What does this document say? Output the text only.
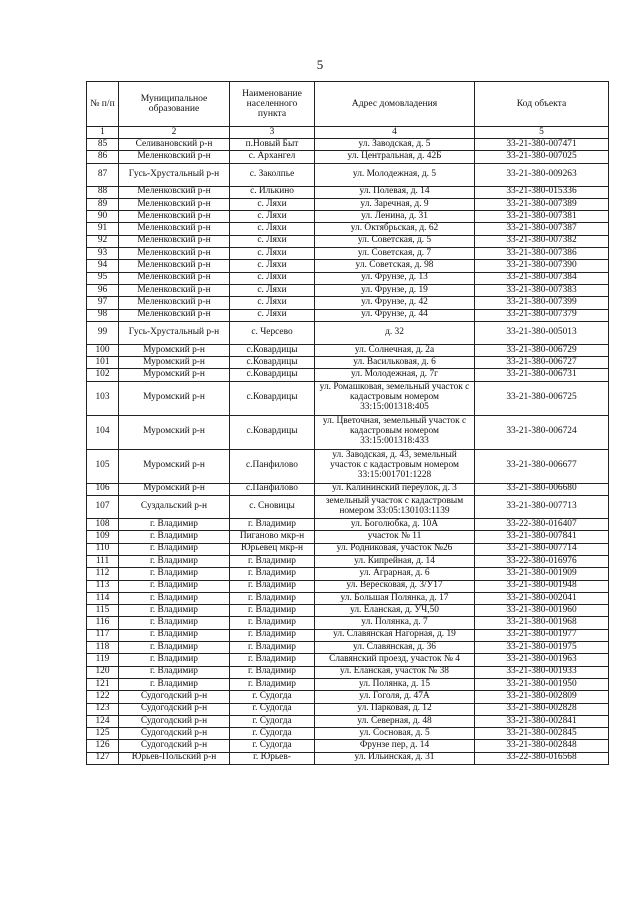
5
№ п/п	Муниципальное образование	Наименование населенного пункта	Адрес домовладения	Код объекта
1	2	3	4	5
85	Селивановский р-н	п.Новый Быт	ул. Заводская, д. 5	33-21-380-007471
86	Меленковский р-н	с. Архангел	ул. Центральная, д. 42Б	33-21-380-007025
87	Гусь-Хрустальный р-н	с. Заколпье	ул. Молодежная, д. 5	33-21-380-009263
88	Меленковский р-н	с. Илькино	ул. Полевая, д. 14	33-21-380-015336
89	Меленковский р-н	с. Ляхи	ул. Заречная, д. 9	33-21-380-007389
90	Меленковский р-н	с. Ляхи	ул. Ленина, д. 31	33-21-380-007381
91	Меленковский р-н	с. Ляхи	ул. Октябрьская, д. 62	33-21-380-007387
92	Меленковский р-н	с. Ляхи	ул. Советская, д. 5	33-21-380-007382
93	Меленковский р-н	с. Ляхи	ул. Советская, д. 7	33-21-380-007386
94	Меленковский р-н	с. Ляхи	ул. Советская, д. 98	33-21-380-007390
95	Меленковский р-н	с. Ляхи	ул. Фрунзе, д. 13	33-21-380-007384
96	Меленковский р-н	с. Ляхи	ул. Фрунзе, д. 19	33-21-380-007383
97	Меленковский р-н	с. Ляхи	ул. Фрунзе, д. 42	33-21-380-007399
98	Меленковский р-н	с. Ляхи	ул. Фрунзе, д. 44	33-21-380-007379
99	Гусь-Хрустальный р-н	с. Черсево	д. 32	33-21-380-005013
100	Муромский р-н	с.Ковардицы	ул. Солнечная, д. 2а	33-21-380-006729
101	Муромский р-н	с.Ковардицы	ул. Васильковая, д. 6	33-21-380-006727
102	Муромский р-н	с.Ковардицы	ул. Молодежная, д. 7г	33-21-380-006731
103	Муромский р-н	с.Ковардицы	ул. Ромашковая, земельный участок с кадастровым номером 33:15:001318:405	33-21-380-006725
104	Муромский р-н	с.Ковардицы	ул. Цветочная, земельный участок с кадастровым номером 33:15:001318:433	33-21-380-006724
105	Муромский р-н	с.Панфилово	ул. Заводская, д. 43, земельный участок с кадастровым номером 33:15:001701:1228	33-21-380-006677
106	Муромский р-н	с.Панфилово	ул. Калининский переулок, д. 3	33-21-380-006680
107	Суздальский р-н	с. Сновицы	земельный участок с кадастровым номером 33:05:130103:1139	33-21-380-007713
108	г. Владимир	г. Владимир	ул. Боголюбка, д. 10А	33-22-380-016407
109	г. Владимир	Пиганово мкр-н	участок № 11	33-21-380-007841
110	г. Владимир	Юрьевец мкр-н	ул. Родниковая, участок №26	33-21-380-007714
111	г. Владимир	г. Владимир	ул. Кипрейная, д. 14	33-22-380-016976
112	г. Владимир	г. Владимир	ул. Аграрная, д. 6	33-21-380-001909
113	г. Владимир	г. Владимир	ул. Вересковая, д. 3/У17	33-21-380-001948
114	г. Владимир	г. Владимир	ул. Большая Полянка, д. 17	33-21-380-002041
115	г. Владимир	г. Владимир	ул. Еланская, д. УЧ,50	33-21-380-001960
116	г. Владимир	г. Владимир	ул. Полянка, д. 7	33-21-380-001968
117	г. Владимир	г. Владимир	ул. Славянская Нагорная, д. 19	33-21-380-001977
118	г. Владимир	г. Владимир	ул. Славянская, д. 36	33-21-380-001975
119	г. Владимир	г. Владимир	Славянский проезд, участок № 4	33-21-380-001963
120	г. Владимир	г. Владимир	ул. Еланская, участок № 38	33-21-380-001933
121	г. Владимир	г. Владимир	ул. Полянка, д. 15	33-21-380-001950
122	Судогодский р-н	г. Судогда	ул. Гоголя, д. 47А	33-21-380-002809
123	Судогодский р-н	г. Судогда	ул. Парковая, д. 12	33-21-380-002828
124	Судогодский р-н	г. Судогда	ул. Северная, д. 48	33-21-380-002841
125	Судогодский р-н	г. Судогда	ул. Сосновая, д. 5	33-21-380-002845
126	Судогодский р-н	г. Судогда	Фрунзе пер, д. 14	33-21-380-002848
127	Юрьев-Польский р-н	г. Юрьев-	ул. Ильинская, д. 31	33-22-380-016568
